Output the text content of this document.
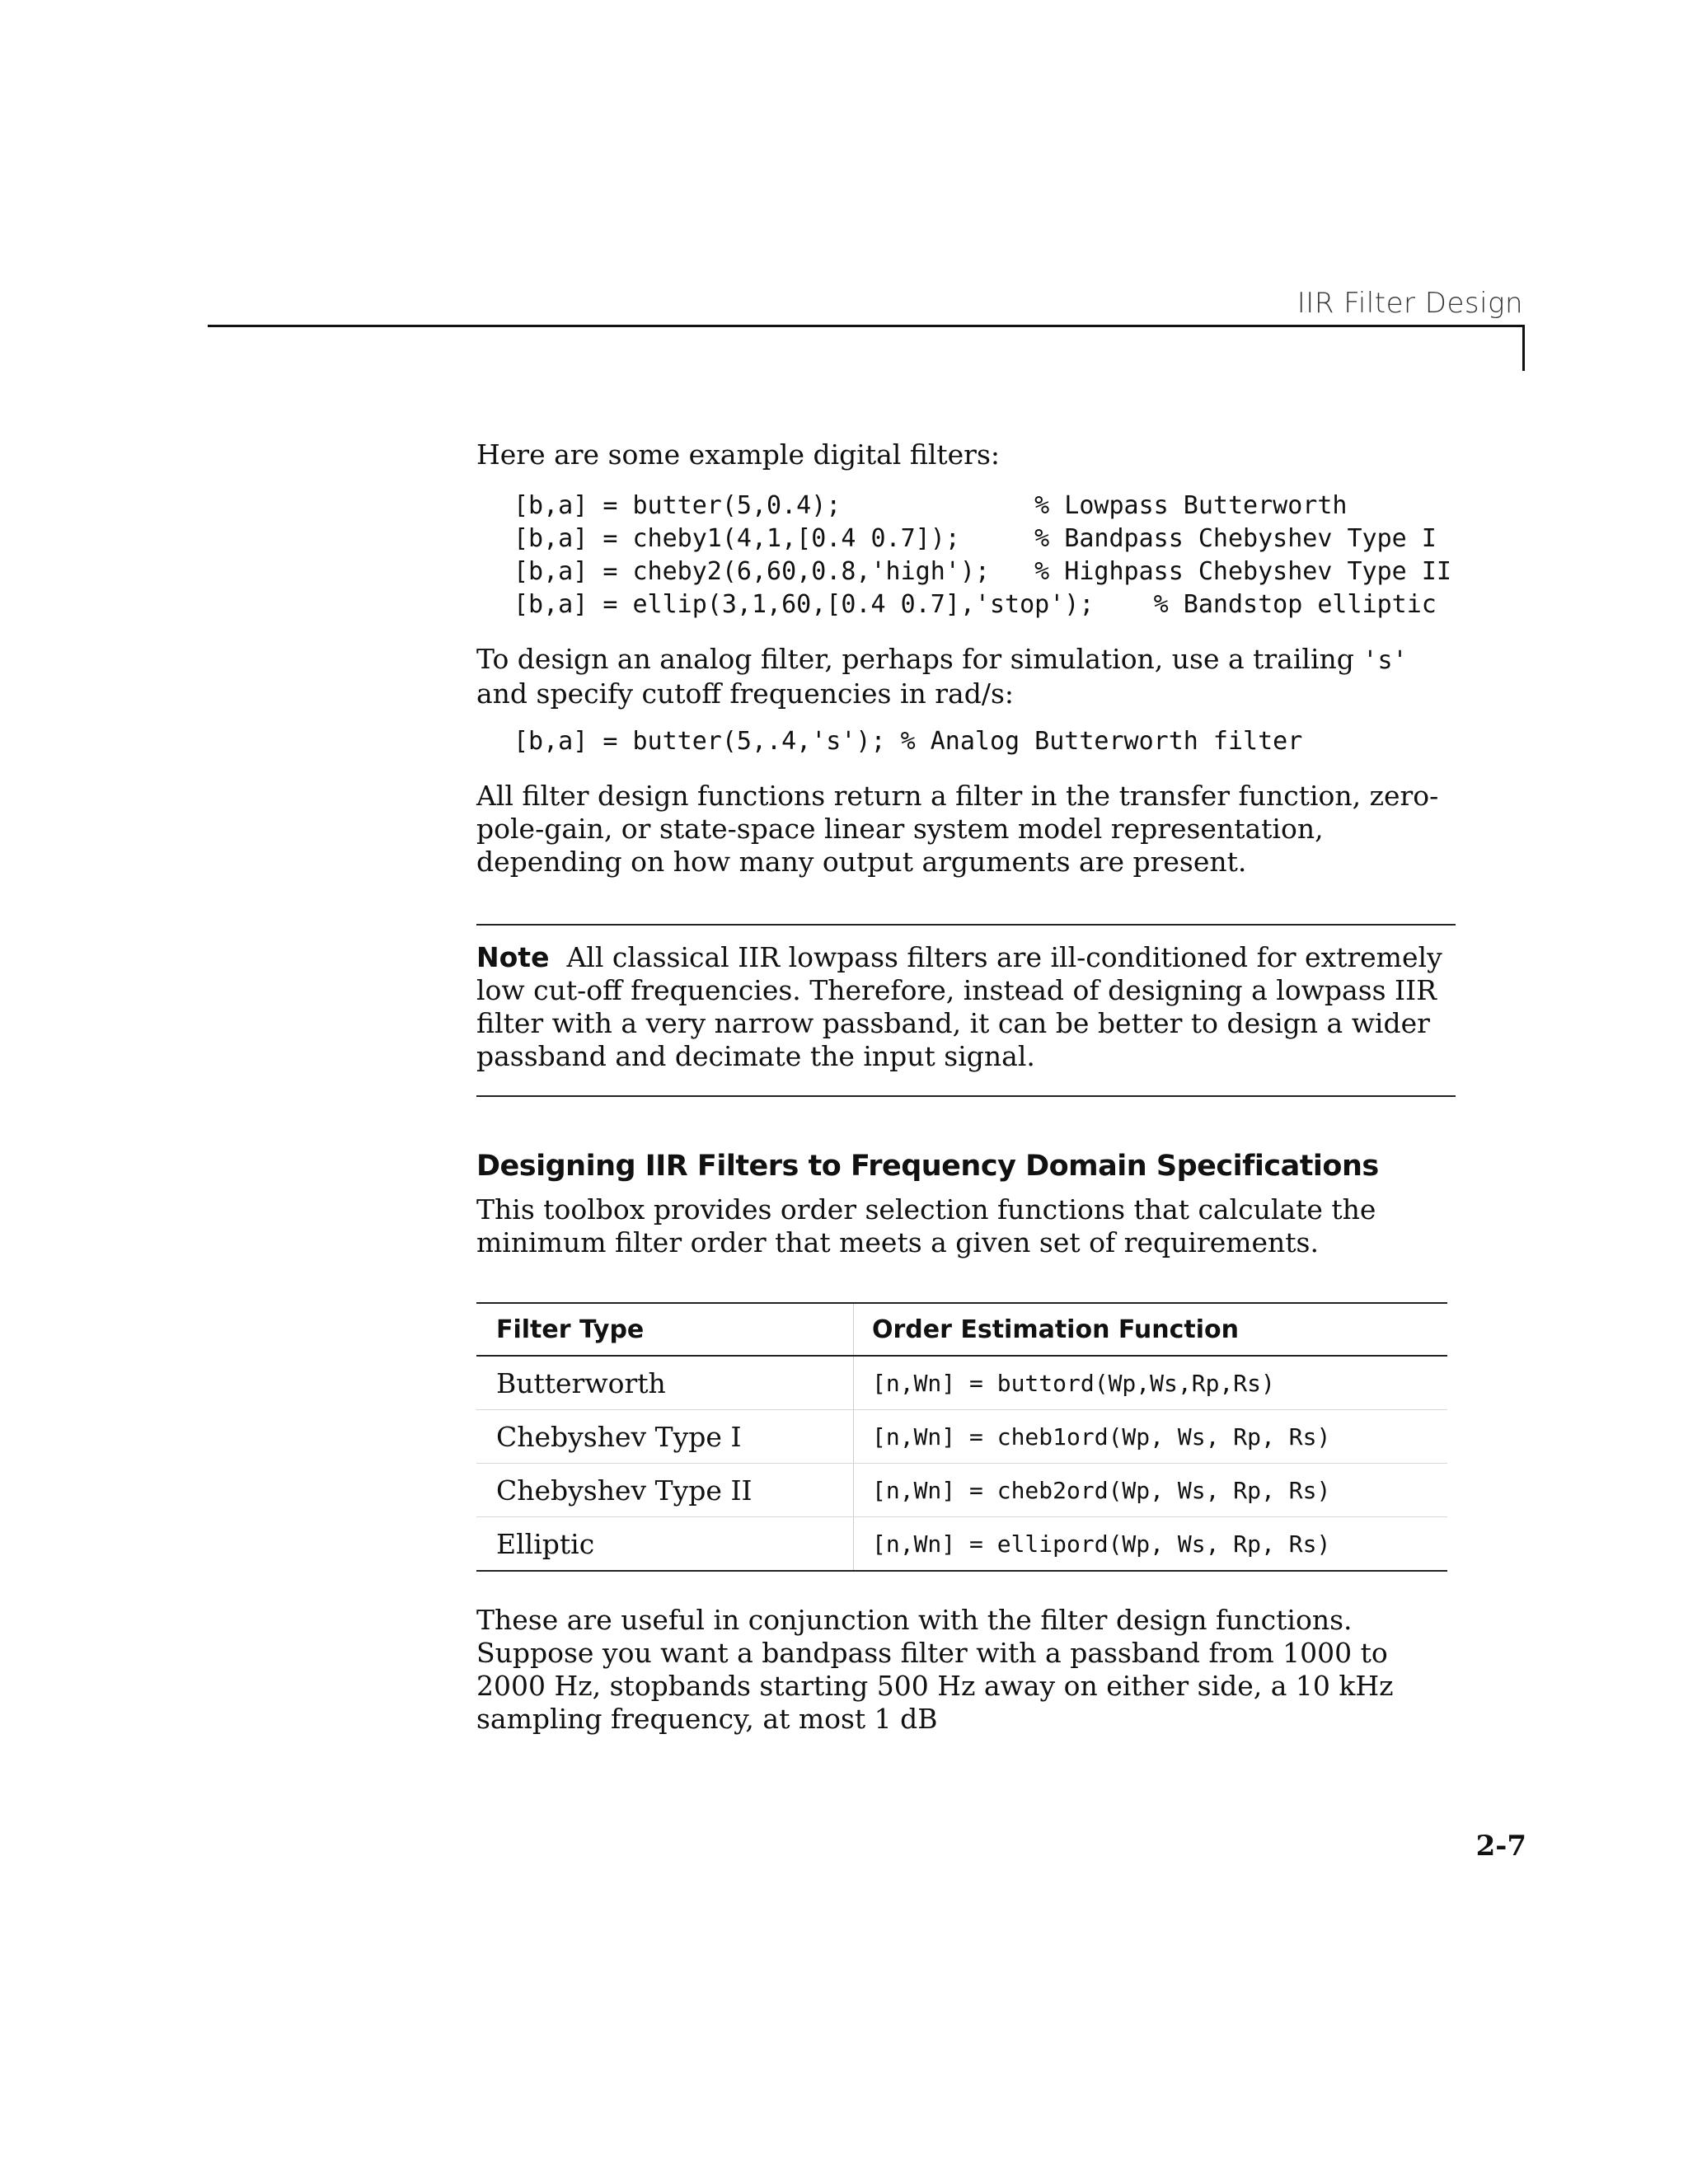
IIR Filter Design

Here are some example digital filters:

[b,a] = butter(5,0.4);             % Lowpass Butterworth
[b,a] = cheby1(4,1,[0.4 0.7]);     % Bandpass Chebyshev Type I
[b,a] = cheby2(6,60,0.8,'high');   % Highpass Chebyshev Type II
[b,a] = ellip(3,1,60,[0.4 0.7],'stop');    % Bandstop elliptic

To design an analog filter, perhaps for simulation, use a trailing 's' and specify cutoff frequencies in rad/s:

[b,a] = butter(5,.4,'s'); % Analog Butterworth filter

All filter design functions return a filter in the transfer function, zero-pole-gain, or state-space linear system model representation, depending on how many output arguments are present.

Note All classical IIR lowpass filters are ill-conditioned for extremely low cut-off frequencies. Therefore, instead of designing a lowpass IIR filter with a very narrow passband, it can be better to design a wider passband and decimate the input signal.

Designing IIR Filters to Frequency Domain Specifications

This toolbox provides order selection functions that calculate the minimum filter order that meets a given set of requirements.

Filter Type	Order Estimation Function
Butterworth	[n,Wn] = buttord(Wp,Ws,Rp,Rs)
Chebyshev Type I	[n,Wn] = cheb1ord(Wp, Ws, Rp, Rs)
Chebyshev Type II	[n,Wn] = cheb2ord(Wp, Ws, Rp, Rs)
Elliptic	[n,Wn] = ellipord(Wp, Ws, Rp, Rs)

These are useful in conjunction with the filter design functions. Suppose you want a bandpass filter with a passband from 1000 to 2000 Hz, stopbands starting 500 Hz away on either side, a 10 kHz sampling frequency, at most 1 dB

2-7
